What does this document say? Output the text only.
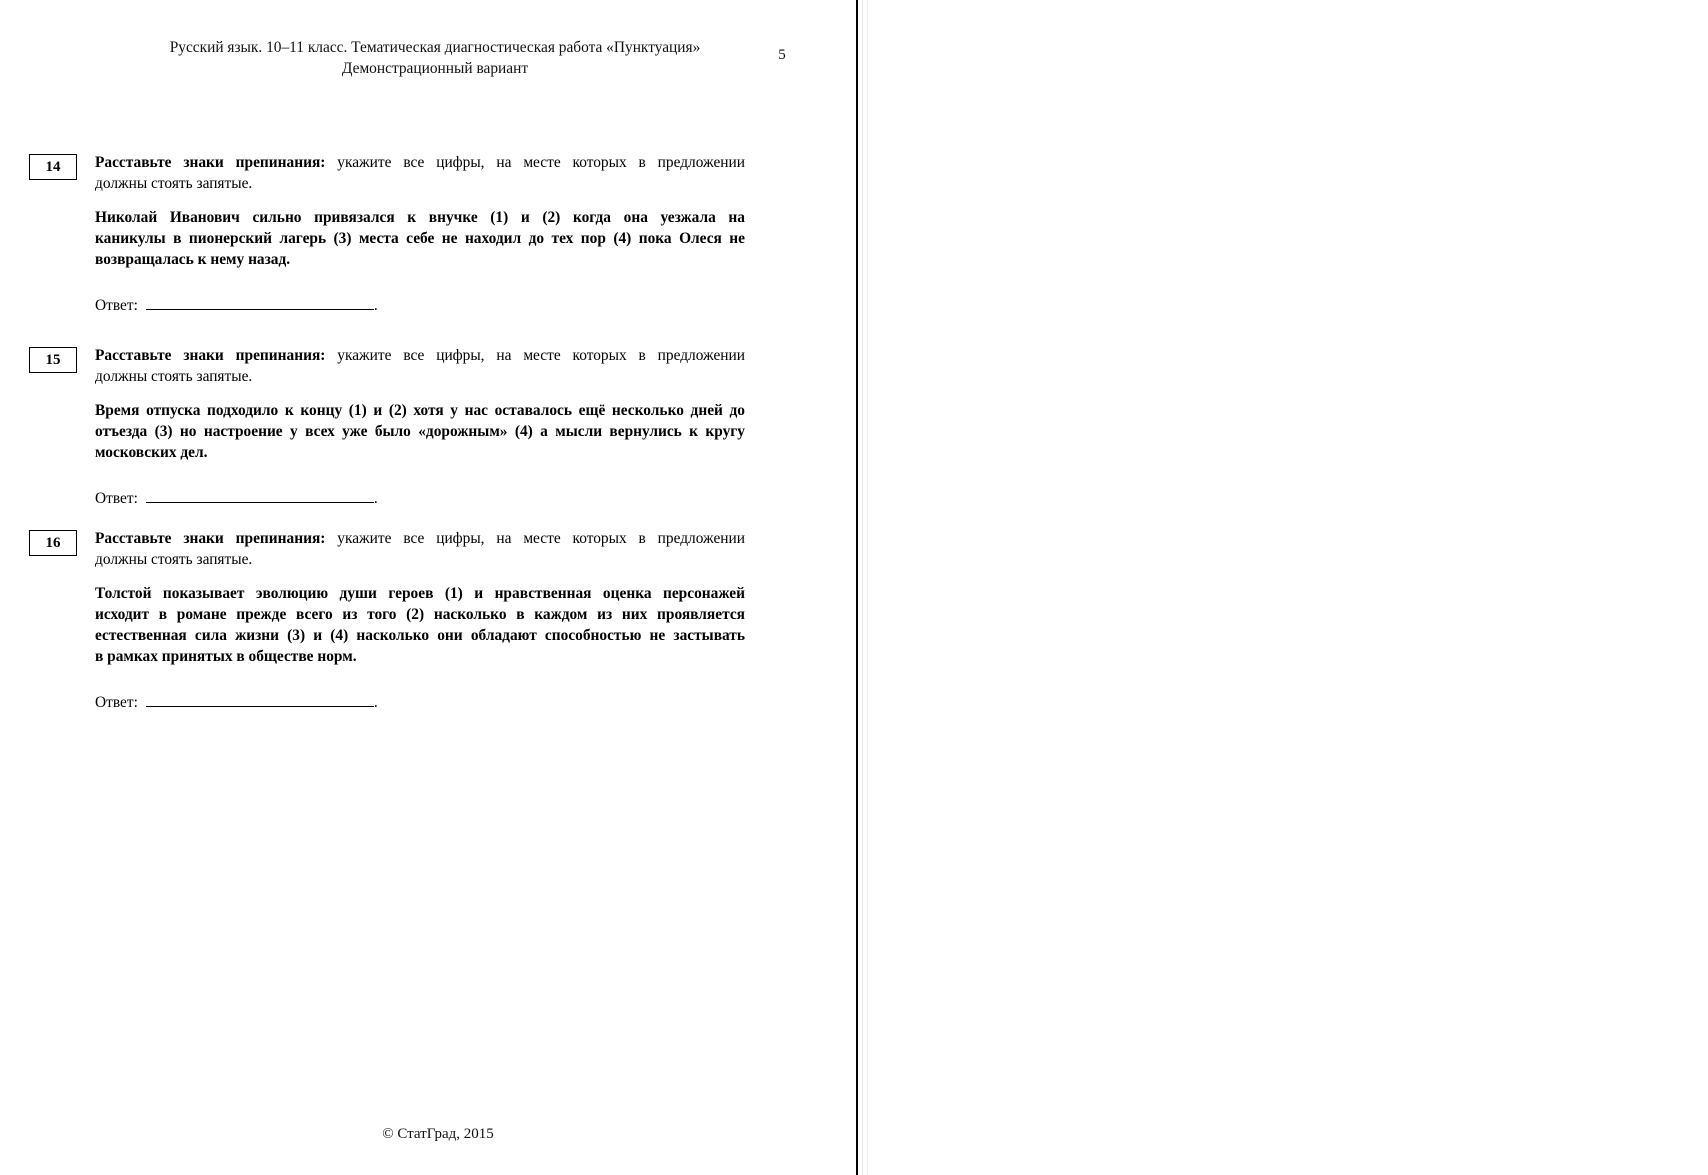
Русский язык. 10–11 класс. Тематическая диагностическая работа «Пунктуация»
Демонстрационный вариант
5
14 Расставьте знаки препинания: укажите все цифры, на месте которых в предложении
должны стоять запятые.
Николай Иванович сильно привязался к внучке (1) и (2) когда она уезжала на
каникулы в пионерский лагерь (3) места себе не находил до тех пор (4) пока Олеся не
возвращалась к нему назад.
Ответ:	.
15 Расставьте знаки препинания: укажите все цифры, на месте которых в предложении
должны стоять запятые.
Время отпуска подходило к концу (1) и (2) хотя у нас оставалось ещё несколько дней до
отъезда (3) но настроение у всех уже было «дорожным» (4) а мысли вернулись к кругу
московских дел.
Ответ:	.
16 Расставьте знаки препинания: укажите все цифры, на месте которых в предложении
должны стоять запятые.
Толстой показывает эволюцию души героев (1) и нравственная оценка персонажей
исходит в романе прежде всего из того (2) насколько в каждом из них проявляется
естественная сила жизни (3) и (4) насколько они обладают способностью не застывать
в рамках принятых в обществе норм.
Ответ:	.
© СтатГрад, 2015
